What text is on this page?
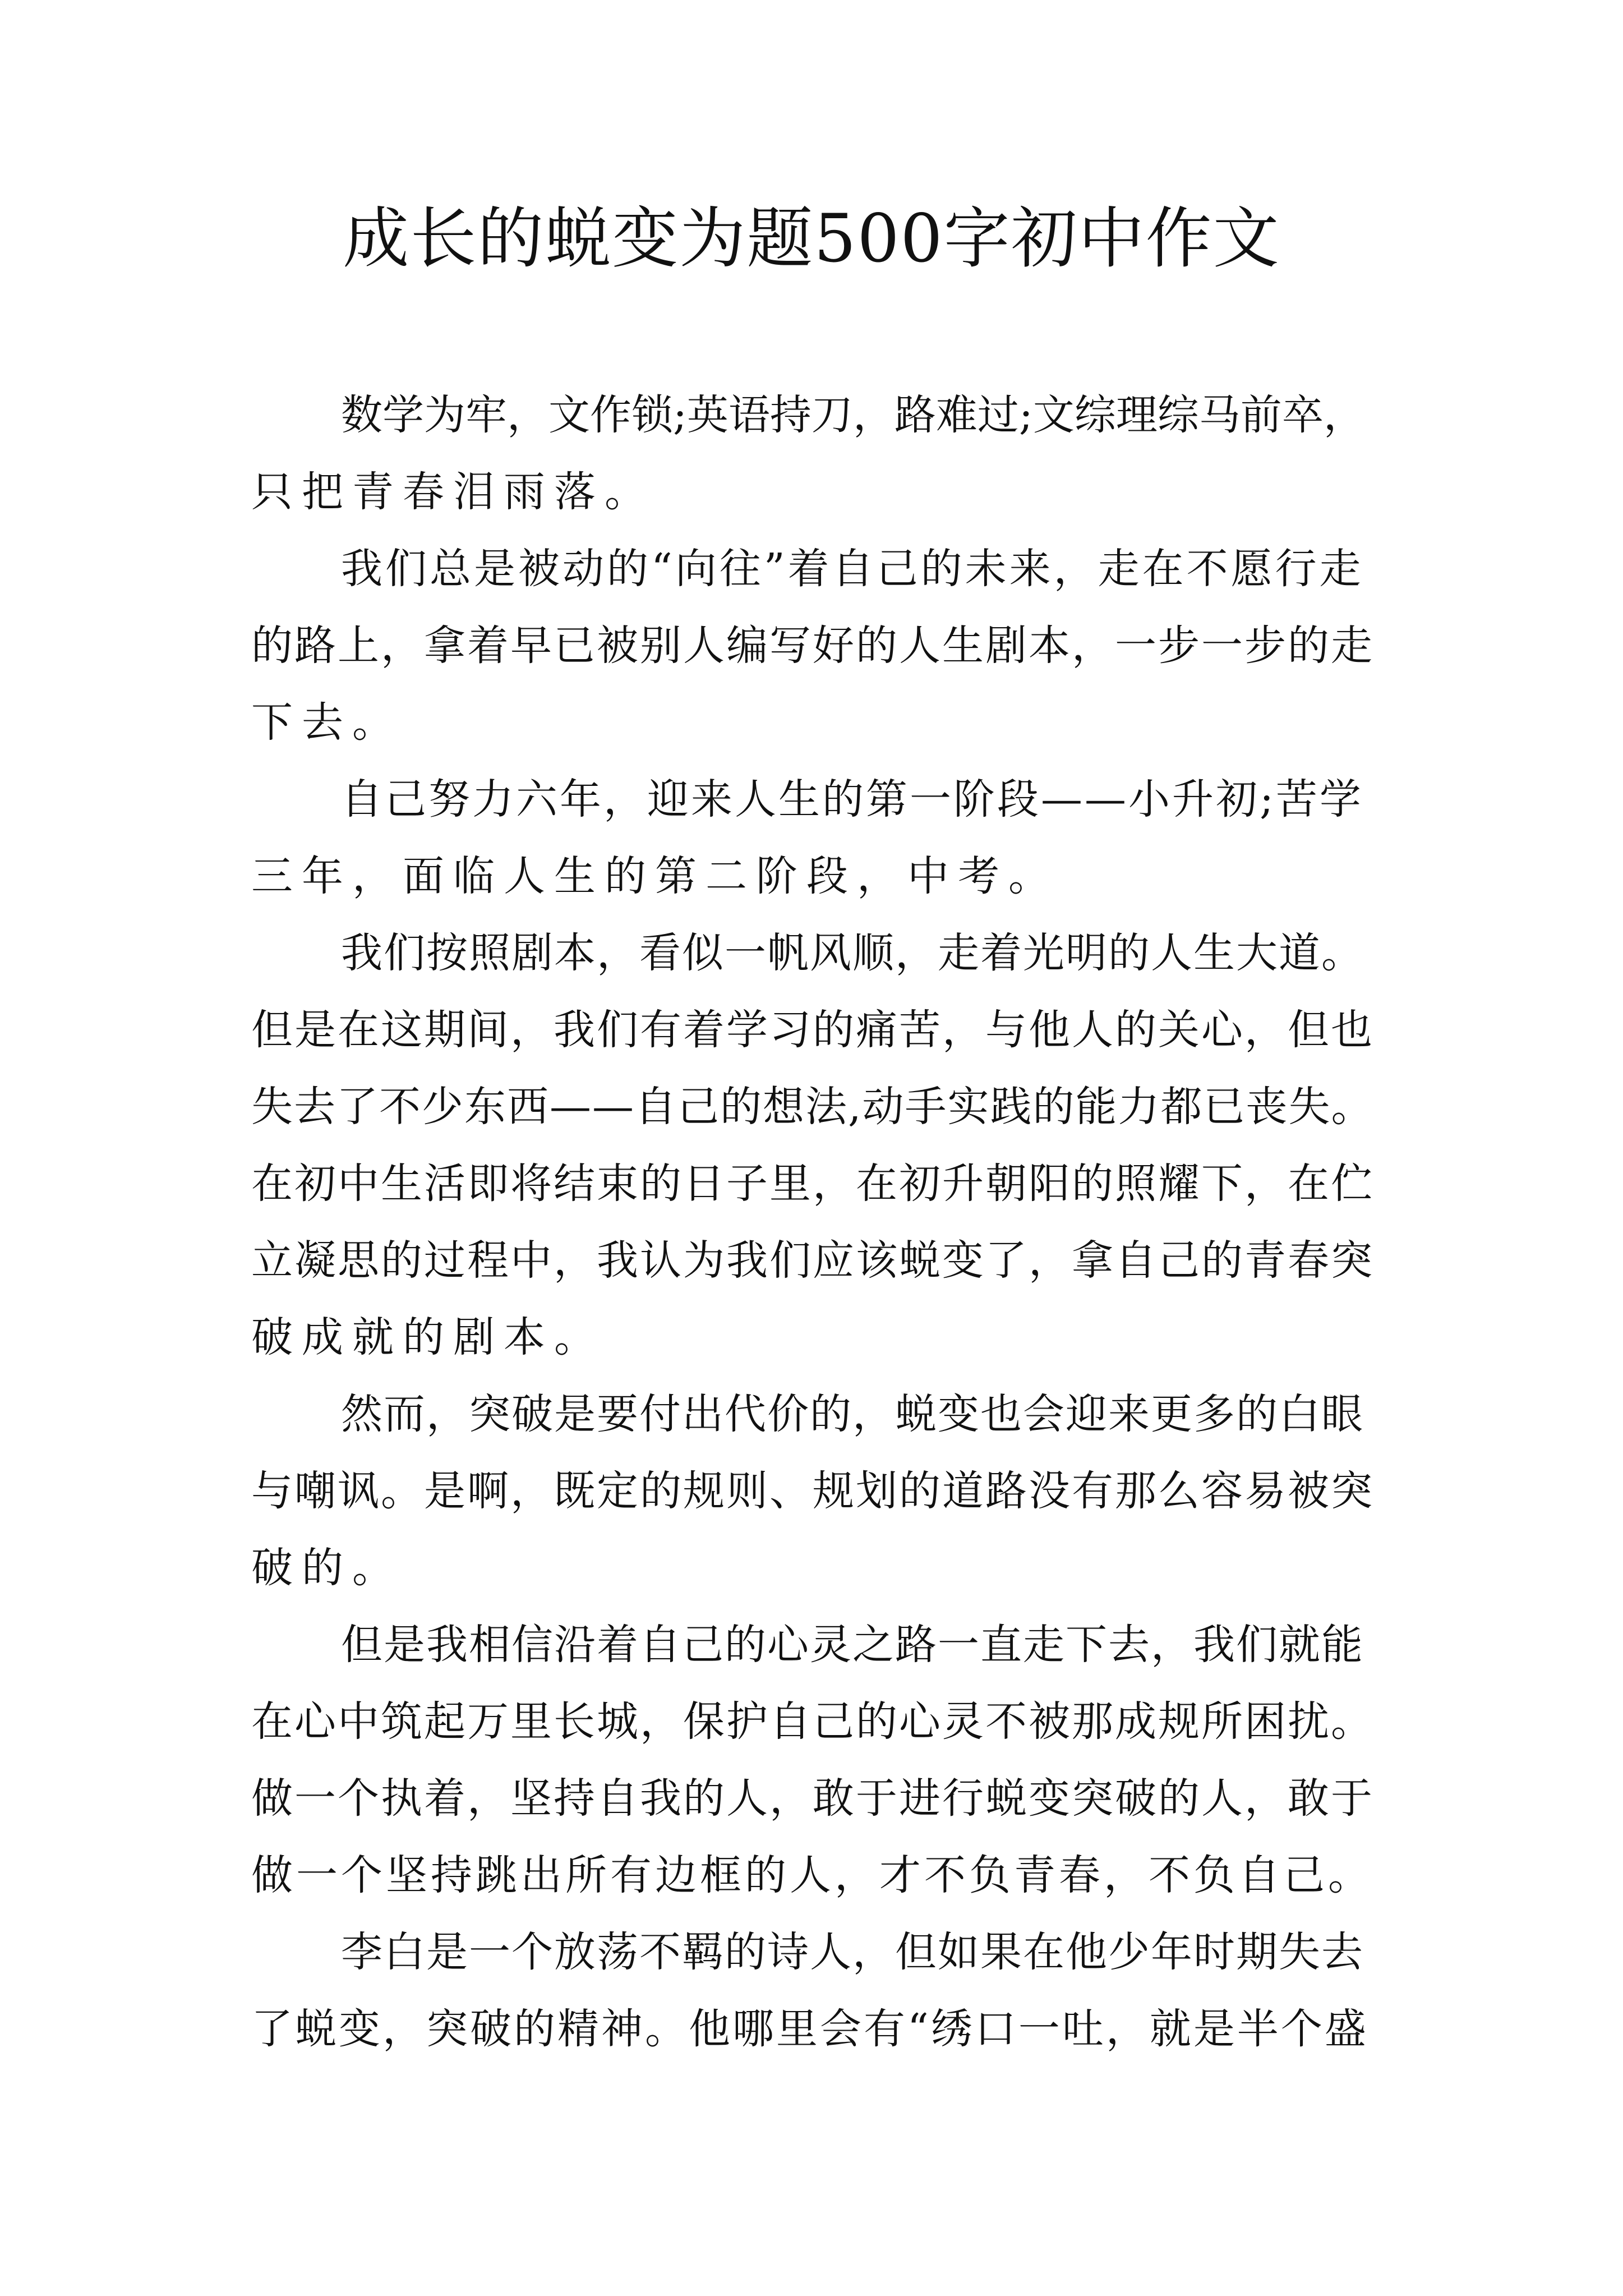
成长的蜕变为题500字初中作文
数学为牢，文作锁;英语持刀，路难过;文综理综马前卒，
只把青春泪雨落。
我们总是被动的“向往”着自己的未来，走在不愿行走
的路上，拿着早已被别人编写好的人生剧本，一步一步的走
下去。
自己努力六年，迎来人生的第一阶段——小升初;苦学
三年，面临人生的第二阶段，中考。
我们按照剧本，看似一帆风顺，走着光明的人生大道。
但是在这期间，我们有着学习的痛苦，与他人的关心，但也
失去了不少东西——自己的想法,动手实践的能力都已丧失。
在初中生活即将结束的日子里，在初升朝阳的照耀下，在伫
立凝思的过程中，我认为我们应该蜕变了，拿自己的青春突
破成就的剧本。
然而，突破是要付出代价的，蜕变也会迎来更多的白眼
与嘲讽。是啊，既定的规则、规划的道路没有那么容易被突
破的。
但是我相信沿着自己的心灵之路一直走下去，我们就能
在心中筑起万里长城，保护自己的心灵不被那成规所困扰。
做一个执着，坚持自我的人，敢于进行蜕变突破的人，敢于
做一个坚持跳出所有边框的人，才不负青春，不负自己。
李白是一个放荡不羁的诗人，但如果在他少年时期失去
了蜕变，突破的精神。他哪里会有“绣口一吐，就是半个盛
